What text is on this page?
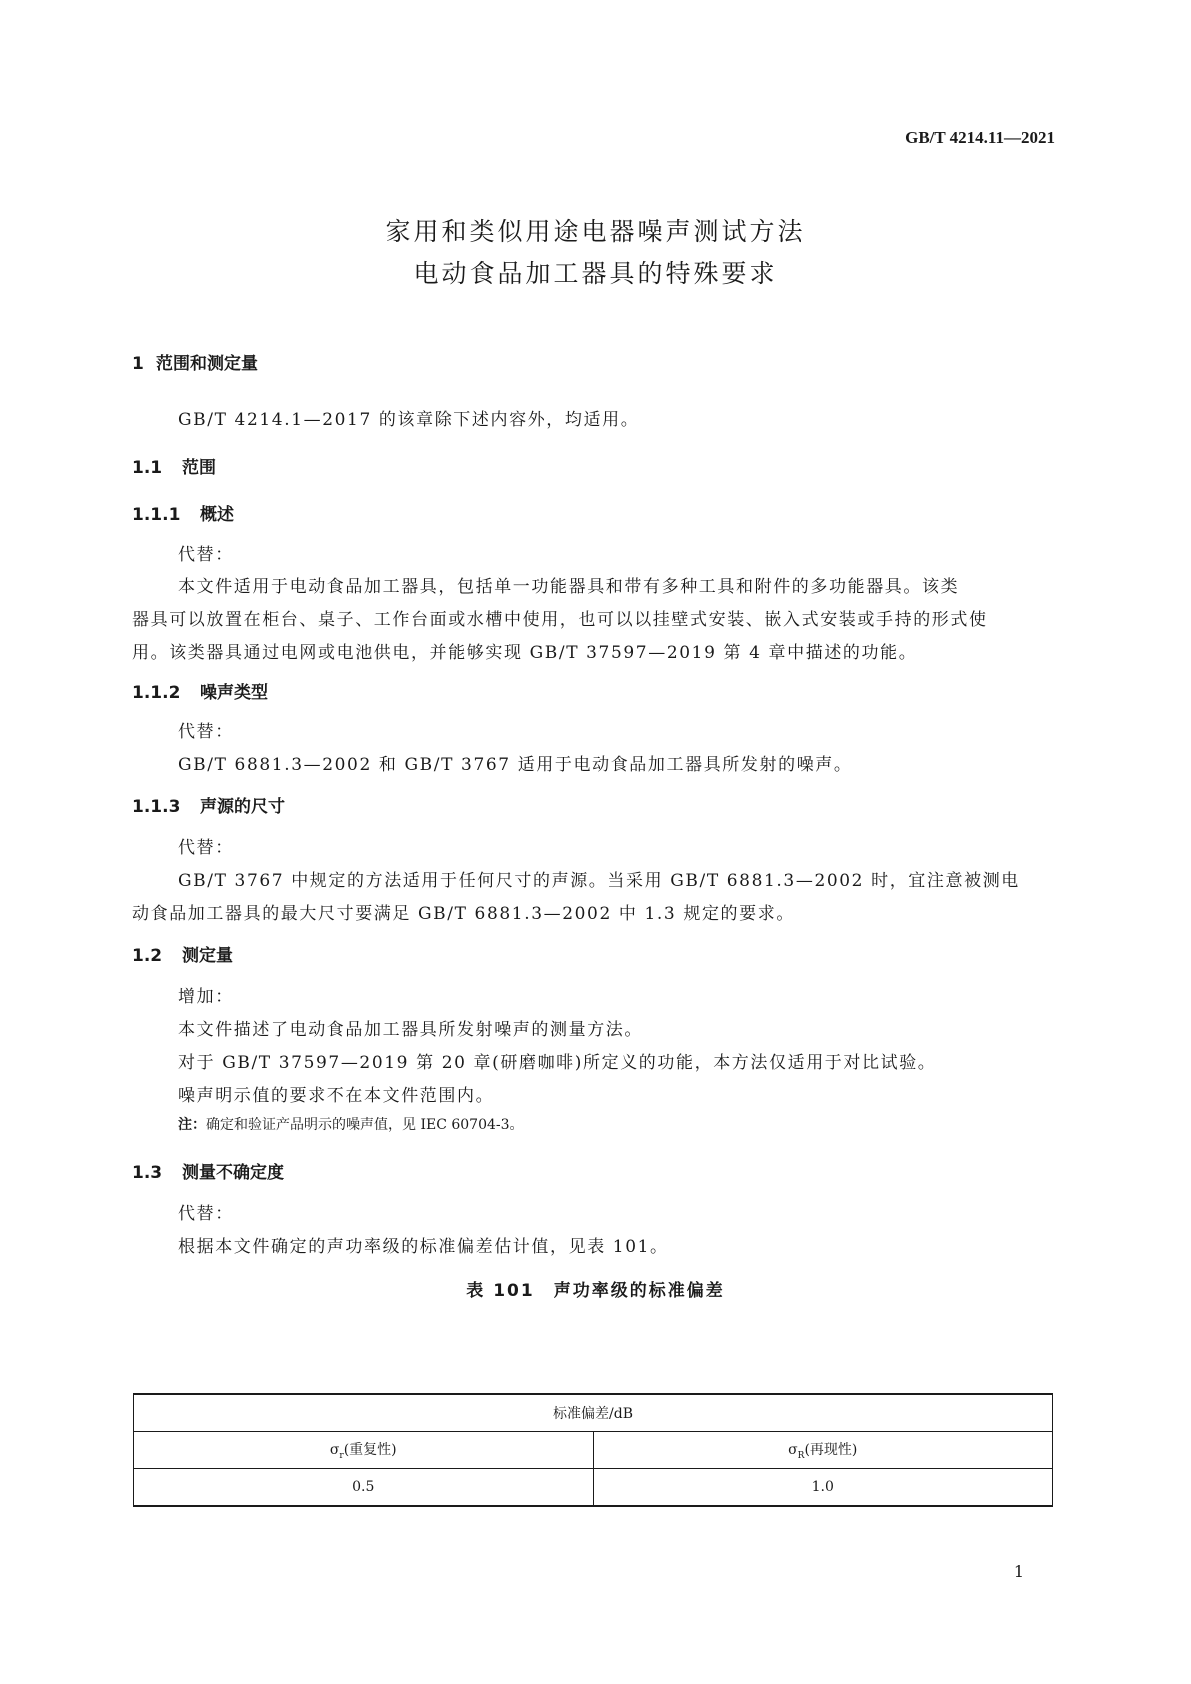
GB/T 4214.11—2021
家用和类似用途电器噪声测试方法
电动食品加工器具的特殊要求
1 范围和测定量
GB/T 4214.1—2017 的该章除下述内容外，均适用。
1.1 范围
1.1.1 概述
代替：
本文件适用于电动食品加工器具，包括单一功能器具和带有多种工具和附件的多功能器具。该类
器具可以放置在柜台、桌子、工作台面或水槽中使用，也可以以挂壁式安装、嵌入式安装或手持的形式使
用。该类器具通过电网或电池供电，并能够实现 GB/T 37597—2019 第 4 章中描述的功能。
1.1.2 噪声类型
代替：
GB/T 6881.3—2002 和 GB/T 3767 适用于电动食品加工器具所发射的噪声。
1.1.3 声源的尺寸
代替：
GB/T 3767 中规定的方法适用于任何尺寸的声源。当采用 GB/T 6881.3—2002 时，宜注意被测电
动食品加工器具的最大尺寸要满足 GB/T 6881.3—2002 中 1.3 规定的要求。
1.2 测定量
增加：
本文件描述了电动食品加工器具所发射噪声的测量方法。
对于 GB/T 37597—2019 第 20 章(研磨咖啡)所定义的功能，本方法仅适用于对比试验。
噪声明示值的要求不在本文件范围内。
注：确定和验证产品明示的噪声值，见 IEC 60704-3。
1.3 测量不确定度
代替：
根据本文件确定的声功率级的标准偏差估计值，见表 101。
表 101　声功率级的标准偏差
标准偏差/dB	
$\sigma_r$(重复性)	$\sigma_R$(再现性)
0.5	1.0
1
